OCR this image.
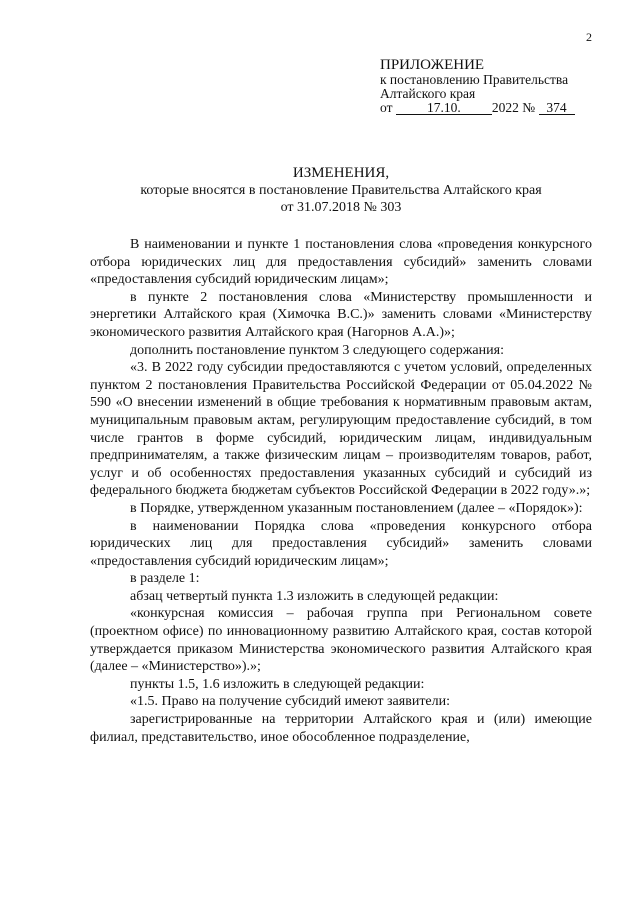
2
ПРИЛОЖЕНИЕ
к постановлению Правительства
Алтайского края
от	17.10. 2022 № 374
ИЗМЕНЕНИЯ,
которые вносятся в постановление Правительства Алтайского края
от 31.07.2018 № 303

В наименовании и пункте 1 постановления слова «проведения конкурсного отбора юридических лиц для предоставления субсидий» заменить словами «предоставления субсидий юридическим лицам»;

в пункте 2 постановления слова «Министерству промышленности и энергетики Алтайского края (Химочка В.С.)» заменить словами «Министерству экономического развития Алтайского края (Нагорнов А.А.)»;

дополнить постановление пунктом 3 следующего содержания:

«3. В 2022 году субсидии предоставляются с учетом условий, определенных пунктом 2 постановления Правительства Российской Федерации от 05.04.2022 № 590 «О внесении изменений в общие требования к нормативным правовым актам, муниципальным правовым актам, регулирующим предоставление субсидий, в том числе грантов в форме субсидий, юридическим лицам, индивидуальным предпринимателям, а также физическим лицам – производителям товаров, работ, услуг и об особенностях предоставления указанных субсидий и субсидий из федерального бюджета бюджетам субъектов Российской Федерации в 2022 году».»;

в Порядке, утвержденном указанным постановлением (далее – «Порядок»):

в наименовании Порядка слова «проведения конкурсного отбора юридических лиц для предоставления субсидий» заменить словами «предоставления субсидий юридическим лицам»;

в разделе 1:

абзац четвертый пункта 1.3 изложить в следующей редакции:

«конкурсная комиссия – рабочая группа при Региональном совете (проектном офисе) по инновационному развитию Алтайского края, состав которой утверждается приказом Министерства экономического развития Алтайского края (далее – «Министерство»).»;

пункты 1.5, 1.6 изложить в следующей редакции:

«1.5. Право на получение субсидий имеют заявители:

зарегистрированные на территории Алтайского края и (или) имеющие филиал, представительство, иное обособленное подразделение,
